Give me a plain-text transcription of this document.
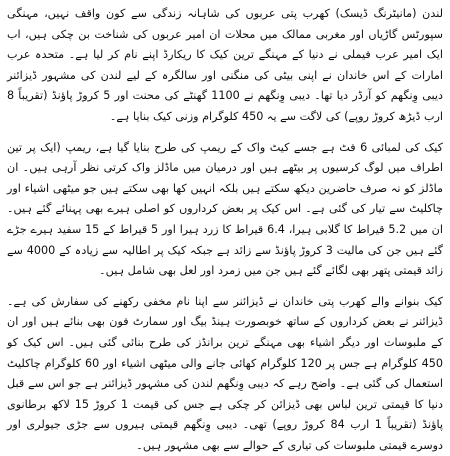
لندن (مانیٹرنگ ڈیسک) کھرب پتی عربوں کی شاہانہ زندگی سے کون واقف نہیں، مہنگی سپورٹس گاڑیاں اور مغربی ممالک میں محلات ان امیر عربوں کی شناخت بن چکی ہیں، اب ایک امیر عرب فیملی نے دنیا کے مہنگے ترین کیک کا ریکارڈ اپنے نام کر لیا ہے۔ متحدہ عرب امارات کے اس خاندان نے اپنی بیٹی کی منگنی اور سالگرہ کے لیے لندن کی مشہور ڈیزائنر دیبی وِنگھم کو آرڈر دیا تھا۔ دیبی وِنگھم نے 1100 گھنٹے کی محنت اور 5 کروڑ پاؤنڈ (تقریباً 8 ارب ڈیڑھ کروڑ روپے) کی لاگت سے یہ 450 کلوگرام وزنی کیک بنایا ہے۔

کیک کی لمبائی 6 فٹ ہے جسے کیٹ واک کے ریمپ کی طرح بنایا گیا ہے، ریمپ (ایک پر تین اطراف میں لوگ کرسیوں پر بیٹھے ہیں اور درمیان میں ماڈلز واک کرتی نظر آرہی ہیں۔ ان ماڈلز کو نہ صرف حاضرین دیکھ سکتے ہیں بلکہ انہیں کھا بھی سکتے ہیں جو میٹھی اشیاء اور چاکلیٹ سے تیار کی گئی ہے۔ اس کیک پر بعض کرداروں کو اصلی ہیرے بھی پہنائے گئے ہیں۔ ان میں 5.2 قیراط کا گلابی ہیرا، 6.4 قیراط کا زرد ہیرا اور 5 قیراط کے 15 سفید ہیرے جڑے گئے ہیں جن کی مالیت 3 کروڑ پاؤنڈ سے زائد ہے جبکہ کیک پر اطالیہ سے زیادہ کے 4000 سے زائد قیمتی پتھر بھی لگائے گئے ہیں جن میں زمرد اور لعل بھی شامل ہیں۔

کیک بنوانے والے کھرب پتی خاندان نے ڈیزائنر سے اپنا نام مخفی رکھنے کی سفارش کی ہے۔ ڈیزائنر نے بعض کرداروں کے ساتھ خوبصورت ہینڈ بیگ اور سمارٹ فون بھی بنائے ہیں اور ان کے ملبوسات اور دیگر اشیاء بھی مہنگے ترین برانڈز کی طرح بنائی گئی ہیں۔ اس کیک کو 450 کلوگرام ہے جس پر 120 کلوگرام کھائی جانے والی میٹھی اشیاء اور 60 کلوگرام چاکلیٹ استعمال کی گئی ہے۔ واضح رہے کہ دیبی وِنگھم لندن کی مشہور ڈیزائنر ہے جو اس سے قبل دنیا کا قیمتی ترین لباس بھی ڈیزائن کر چکی ہے جس کی قیمت 1 کروڑ 15 لاکھ برطانوی پاؤنڈ (تقریباً 1 ارب 84 کروڑ روپے) تھی۔ دیبی وِنگھم قیمتی ہیروں سے جڑی جیولری اور دوسرے قیمتی ملبوسات کی تیاری کے حوالے سے بھی مشہور ہیں۔
